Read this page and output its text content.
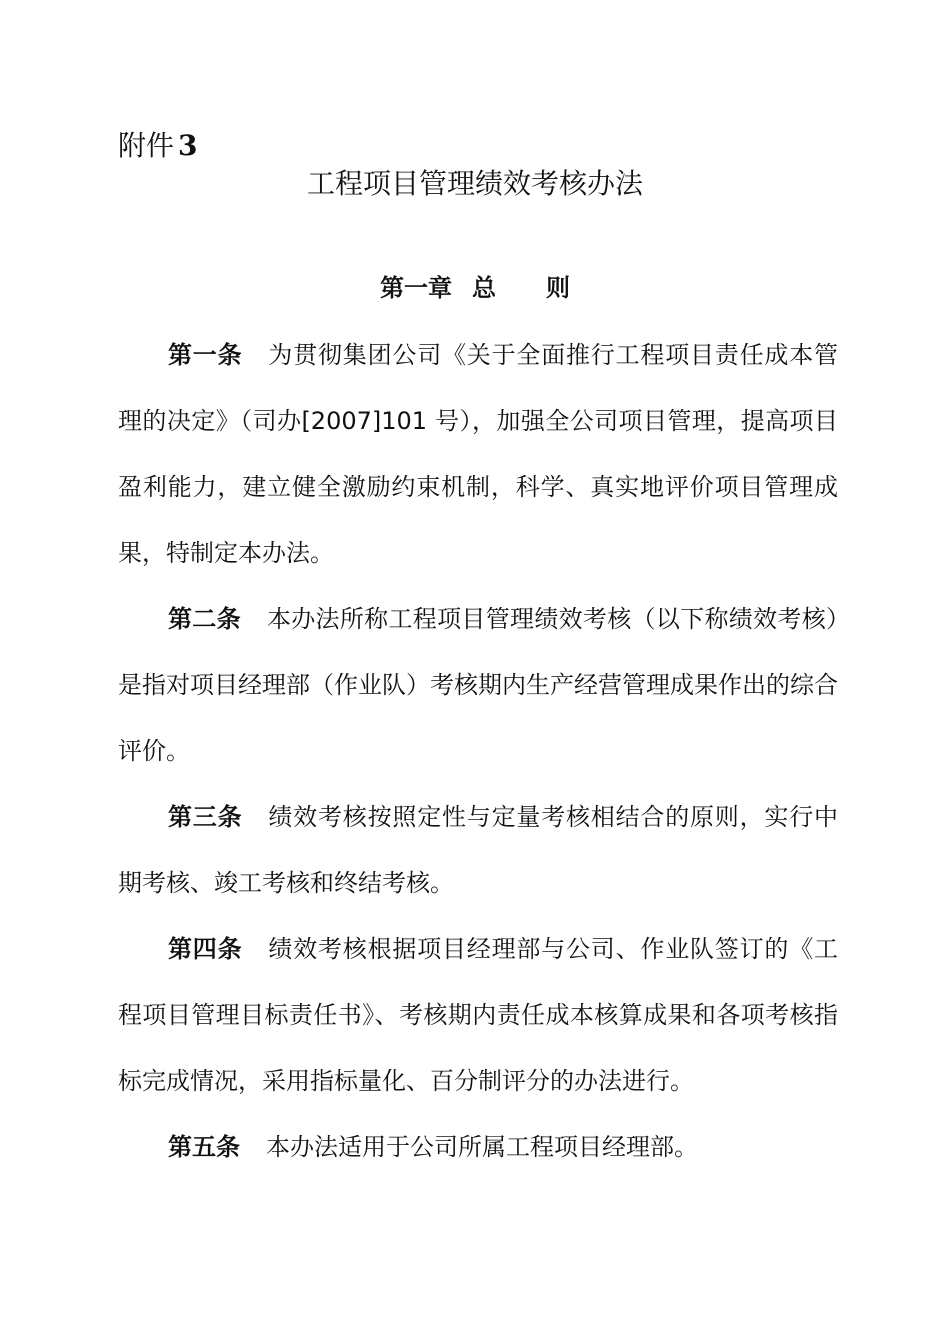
附件 3
工程项目管理绩效考核办法
第一章 总 则

第一条 为贯彻集团公司《关于全面推行工程项目责任成本管理的决定》（司办[2007]101 号），加强全公司项目管理，提高项目盈利能力，建立健全激励约束机制，科学、真实地评价项目管理成果，特制定本办法。

第二条 本办法所称工程项目管理绩效考核（以下称绩效考核）是指对项目经理部（作业队）考核期内生产经营管理成果作出的综合评价。

第三条 绩效考核按照定性与定量考核相结合的原则，实行中期考核、竣工考核和终结考核。

第四条 绩效考核根据项目经理部与公司、作业队签订的《工程项目管理目标责任书》、考核期内责任成本核算成果和各项考核指标完成情况，采用指标量化、百分制评分的办法进行。

第五条 本办法适用于公司所属工程项目经理部。
